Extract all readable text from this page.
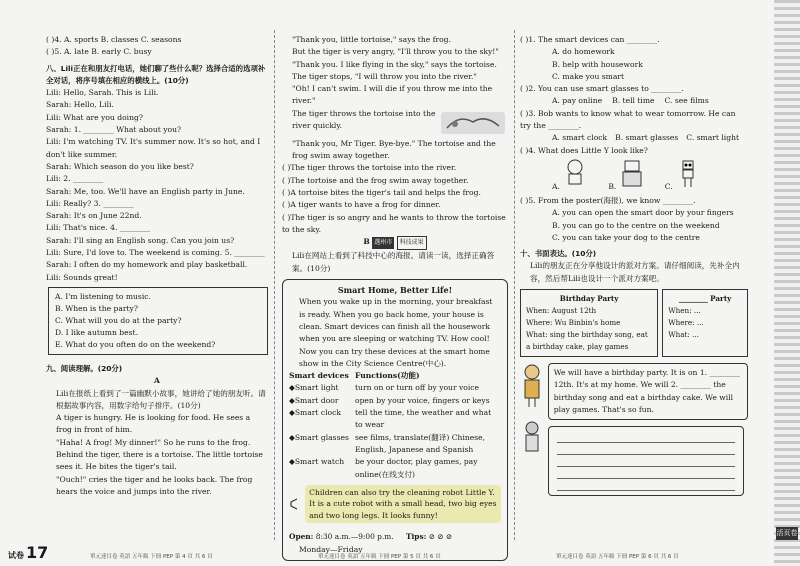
( )4. A. sports B. classes C. seasons
( )5. A. late B. early C. busy
八、Lili正在和朋友打电话，她们聊了些什么呢？选择合适的选项补全对话，将序号填在相应的横线上。(10分)
Lili: Hello, Sarah. This is Lili.
Sarah: Hello, Lili.
Lili: What are you doing?
Sarah: 1. ________ What about you?
Lili: I'm watching TV. It's summer now. It's so hot, and I
don't like summer.
Sarah: Which season do you like best?
Lili: 2. ________
Sarah: Me, too. We'll have an English party in June.
Lili: Really? 3. ________
Sarah: It's on June 22nd.
Lili: That's nice. 4. ________
Sarah: I'll sing an English song. Can you join us?
Lili: Sure, I'd love to. The weekend is coming. 5. ________
Sarah: I often do my homework and play basketball.
Lili: Sounds great!
A. I'm listening to music.
B. When is the party?
C. What will you do at the party?
D. I like autumn best.
E. What do you often do on the weekend?
九、阅读理解。(20分)
A
Lili在报纸上看到了一篇幽默小故事，她讲给了她的朋友听。请根据故事内容，用数字给句子排序。(10分)
A tiger is hungry. He is looking for food. He sees a frog in front of him.
"Haha! A frog! My dinner!" So he runs to the frog.
Behind the tiger, there is a tortoise. The little tortoise sees it. He bites the tiger's tail.
"Ouch!" cries the tiger and he looks back. The frog hears the voice and jumps into the river.
"Thank you, little tortoise," says the frog.
But the tiger is very angry, "I'll throw you to the sky!"
"Thank you. I like flying in the sky," says the tortoise.
The tiger stops, "I will throw you into the river."
"Oh! I can't swim. I will die if you throw me into the river."
The tiger throws the tortoise into the river quickly.
"Thank you, Mr Tiger. Bye-bye." The tortoise and the frog swim away together.
( )The tiger throws the tortoise into the river.
( )The tortoise and the frog swim away together.
( )A tortoise bites the tiger's tail and helps the frog.
( )A tiger wants to have a frog for dinner.
( )The tiger is so angry and he wants to throw the tortoise to the sky.
B 選州市 科技成果
Lili在网站上看到了科技中心的海报。请读一读，选择正确答案。(10分)
Smart Home, Better Life!
When you wake up in the morning, your breakfast is ready. When you go back home, your house is clean. Smart devices can finish all the housework when you are sleeping or watching TV. How cool!
Now you can try these devices at the smart home show in the City Science Centre(中心).
Smart devices Functions(功能)
◆Smart light	turn on or turn off by your voice
◆Smart door	open by your voice, fingers or keys
◆Smart clock	tell the time, the weather and what to wear
◆Smart glasses see films, translate(翻译) Chinese, English, Japanese and Spanish
◆Smart watch	be your doctor, play games, pay online(在线支付)
Children can also try the cleaning robot Little Y. It is a cute robot with a small head, two big eyes and two long legs. It looks funny!
Open: 8:30 a.m.—9:00 p.m. Tips: ⊘ ⊘ ⊘
Monday—Friday
( )1. The smart devices can ________.
A. do homework
B. help with housework
C. make you smart
( )2. You can use smart glasses to ________.
A. pay online B. tell time C. see films
( )3. Bob wants to know what to wear tomorrow. He can try the ________.
A. smart clock B. smart glasses C. smart light
( )4. What does Little Y look like?
A.	B.	C.
( )5. From the poster(海报), we know ________.
A. you can open the smart door by your fingers
B. you can go to the centre on the weekend
C. you can take your dog to the centre
十、书面表达。(10分)
Lili的朋友正在分享他设计的派对方案。请仔细阅读，先补全内容，然后帮Lili也设计一个派对方案吧。
Birthday Party
When: August 12th
Where: Wu Binbin's home
What: sing the birthday song, eat a birthday cake, play games
________ Party
When: ...
Where: ...
What: ...
We will have a birthday party. It is on 1. ________ 12th. It's at my home. We will 2. ________ the birthday song and eat a birthday cake. We will play games. That's so fun.
试卷 17	單元達目卷 英語 五年級 下冊 PEP 第 4 頁 共 6 頁	單元達目卷 英語 五年級 下冊 PEP 第 5 頁 共 6 頁	單元達目卷 英語 五年級 下冊 PEP 第 6 頁 共 6 頁
活页卷
